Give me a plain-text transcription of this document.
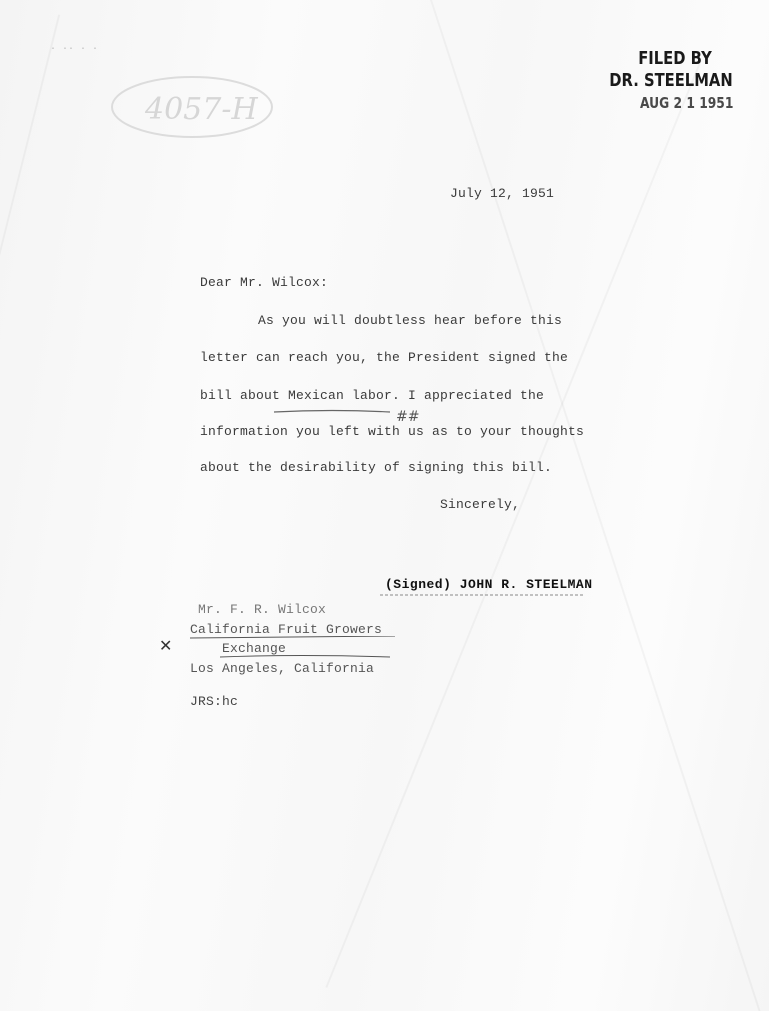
· ·· · ·
4057-H
FILED BY
DR. STEELMAN
AUG 2 1 1951
July 12, 1951
Dear Mr. Wilcox:
As you will doubtless hear before this
letter can reach you, the President signed the
bill about Mexican labor. I appreciated the
##
information you left with us as to your thoughts
about the desirability of signing this bill.
Sincerely,
(Signed) JOHN R. STEELMAN
Mr. F. R. Wilcox
California Fruit Growers
Exchange
✕
Los Angeles, California
JRS:hc
